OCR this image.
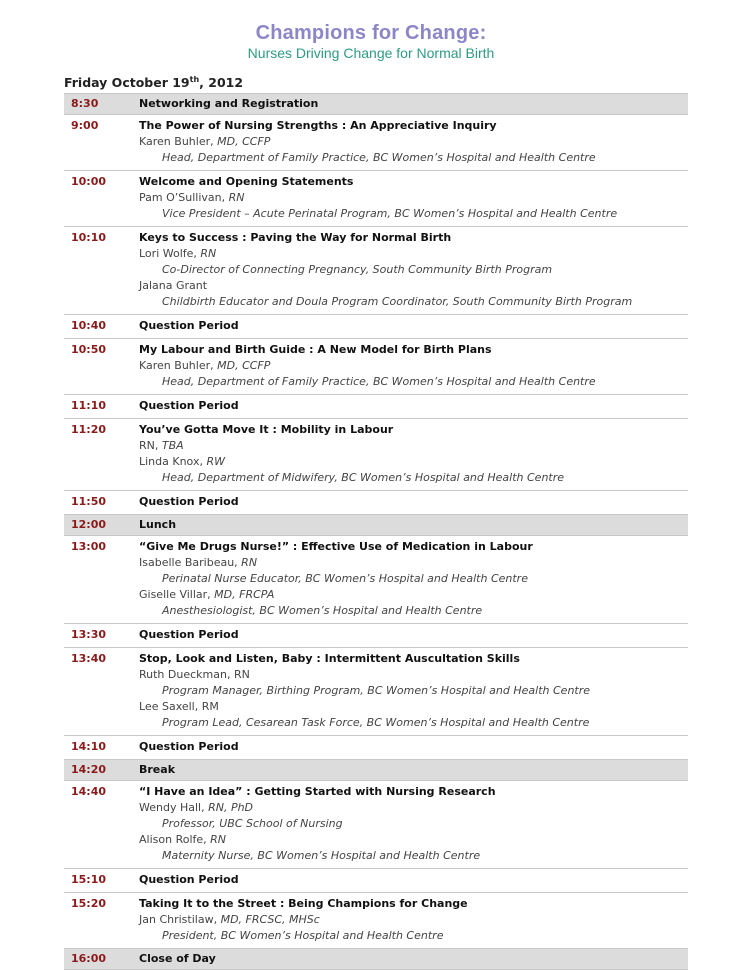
Champions for Change:
Nurses Driving Change for Normal Birth
Friday October 19th, 2012
8:30	Networking and Registration
9:00	The Power of Nursing Strengths : An Appreciative Inquiry
Karen Buhler, MD, CCFP
Head, Department of Family Practice, BC Women’s Hospital and Health Centre
10:00	Welcome and Opening Statements
Pam O’Sullivan, RN
Vice President – Acute Perinatal Program, BC Women’s Hospital and Health Centre
10:10	Keys to Success : Paving the Way for Normal Birth
Lori Wolfe, RN
Co-Director of Connecting Pregnancy, South Community Birth Program
Jalana Grant
Childbirth Educator and Doula Program Coordinator, South Community Birth Program
10:40	Question Period
10:50	My Labour and Birth Guide : A New Model for Birth Plans
Karen Buhler, MD, CCFP
Head, Department of Family Practice, BC Women’s Hospital and Health Centre
11:10	Question Period
11:20	You’ve Gotta Move It : Mobility in Labour
RN, TBA
Linda Knox, RW
Head, Department of Midwifery, BC Women’s Hospital and Health Centre
11:50	Question Period
12:00	Lunch
13:00	“Give Me Drugs Nurse!” : Effective Use of Medication in Labour
Isabelle Baribeau, RN
Perinatal Nurse Educator, BC Women’s Hospital and Health Centre
Giselle Villar, MD, FRCPA
Anesthesiologist, BC Women’s Hospital and Health Centre
13:30	Question Period
13:40	Stop, Look and Listen, Baby : Intermittent Auscultation Skills
Ruth Dueckman, RN
Program Manager, Birthing Program, BC Women’s Hospital and Health Centre
Lee Saxell, RM
Program Lead, Cesarean Task Force, BC Women’s Hospital and Health Centre
14:10	Question Period
14:20	Break
14:40	“I Have an Idea” : Getting Started with Nursing Research
Wendy Hall, RN, PhD
Professor, UBC School of Nursing
Alison Rolfe, RN
Maternity Nurse, BC Women’s Hospital and Health Centre
15:10	Question Period
15:20	Taking It to the Street : Being Champions for Change
Jan Christilaw, MD, FRCSC, MHSc
President, BC Women’s Hospital and Health Centre
16:00	Close of Day
